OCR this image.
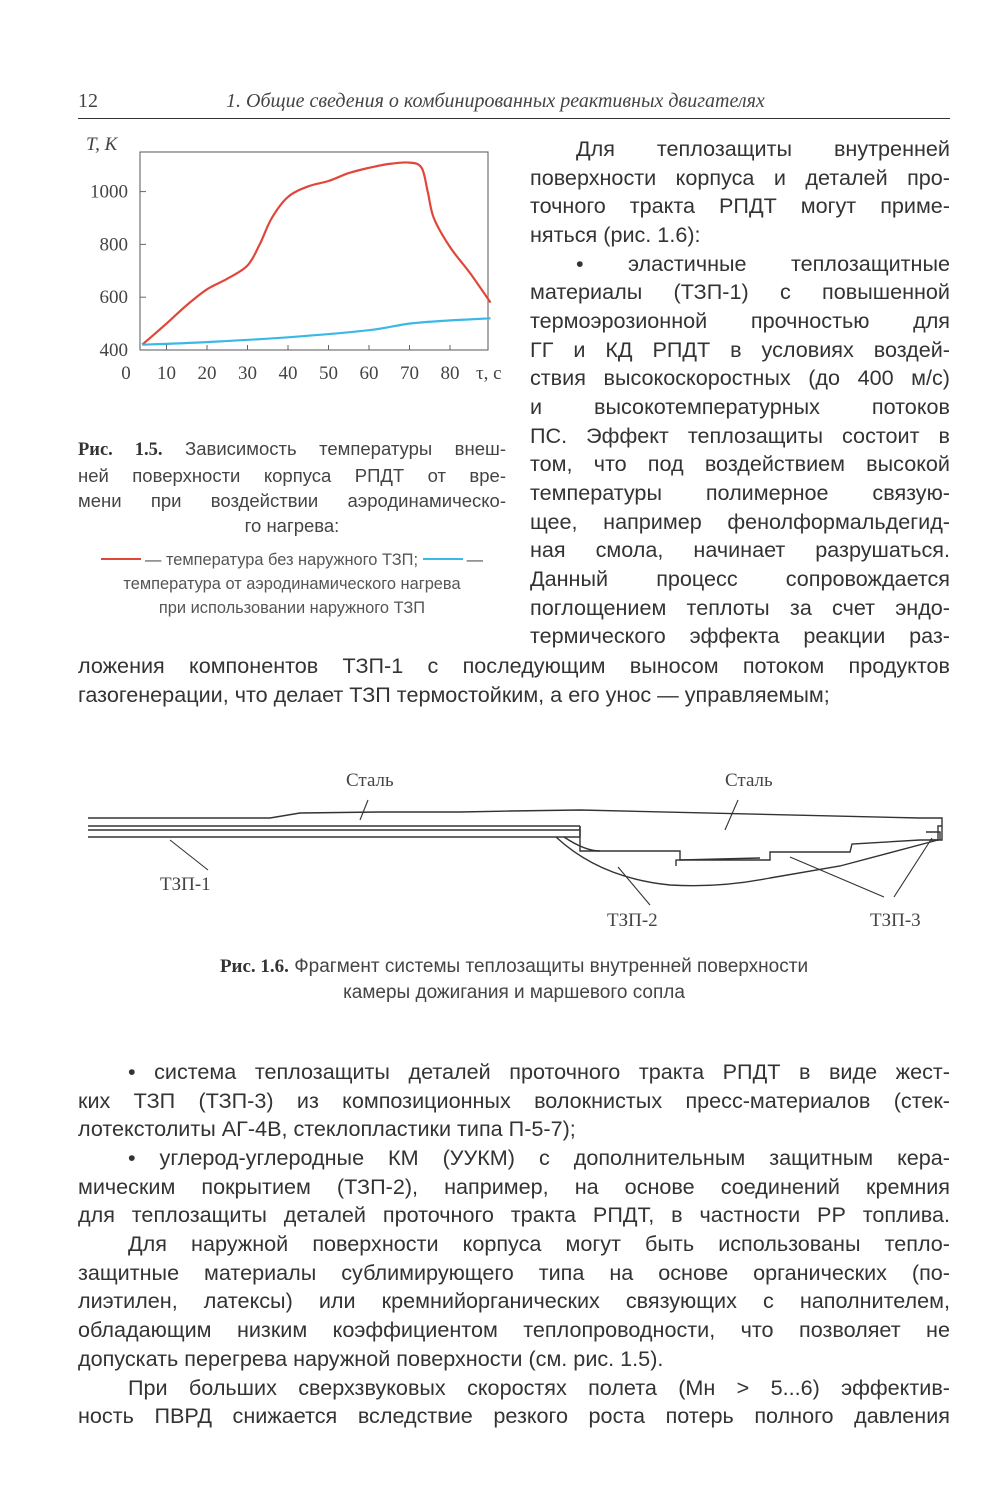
12	1. Общие сведения о комбинированных реактивных двигателях
0 10 20 30 40 50 60 70 80
400
600
800
1000
T, K
τ, с
Рис. 1.5. Зависимость температуры внеш-
ней поверхности корпуса РПДТ от вре-
мени при воздействии аэродинамическо-
го нагрева:
— температура без наружного ТЗП;	— температура от аэродинамического нагрева
при использовании наружного ТЗП
Для теплозащиты внутренней
поверхности корпуса и деталей про-
точного тракта РПДТ могут приме-
няться (рис. 1.6):
• эластичные теплозащитные
материалы (ТЗП-1) с повышенной
термоэрозионной прочностью для
ГГ и КД РПДТ в условиях воздей-
ствия высокоскоростных (до 400 м/с)
и высокотемпературных потоков
ПС. Эффект теплозащиты состоит в
том, что под воздействием высокой
температуры полимерное связую-
щее, например фенолформальдегид-
ная смола, начинает разрушаться.
Данный процесс сопровождается
поглощением теплоты за счет эндо-
термического эффекта реакции раз-
ложения компонентов ТЗП-1 с последующим выносом потоком продуктов
газогенерации, что делает ТЗП термостойким, а его унос — управляемым;
Сталь	Сталь
ТЗП-1
ТЗП-2	ТЗП-3
Рис. 1.6. Фрагмент системы теплозащиты внутренней поверхности
камеры дожигания и маршевого сопла
• система теплозащиты деталей проточного тракта РПДТ в виде жест-
ких ТЗП (ТЗП-3) из композиционных волокнистых пресс-материалов (стек-
лотекстолиты АГ-4В, стеклопластики типа П-5-7);
• углерод-углеродные КМ (УУКМ) с дополнительным защитным кера-
мическим покрытием (ТЗП-2), например, на основе соединений кремния
для теплозащиты деталей проточного тракта РПДТ, в частности РР топлива.
Для наружной поверхности корпуса могут быть использованы тепло-
защитные материалы сублимирующего типа на основе органических (по-
лиэтилен, латексы) или кремнийорганических связующих с наполнителем,
обладающим низким коэффициентом теплопроводности, что позволяет не
допускать перегрева наружной поверхности (см. рис. 1.5).
При больших сверхзвуковых скоростях полета (Mн > 5...6) эффектив-
ность ПВРД снижается вследствие резкого роста потерь полного давления
